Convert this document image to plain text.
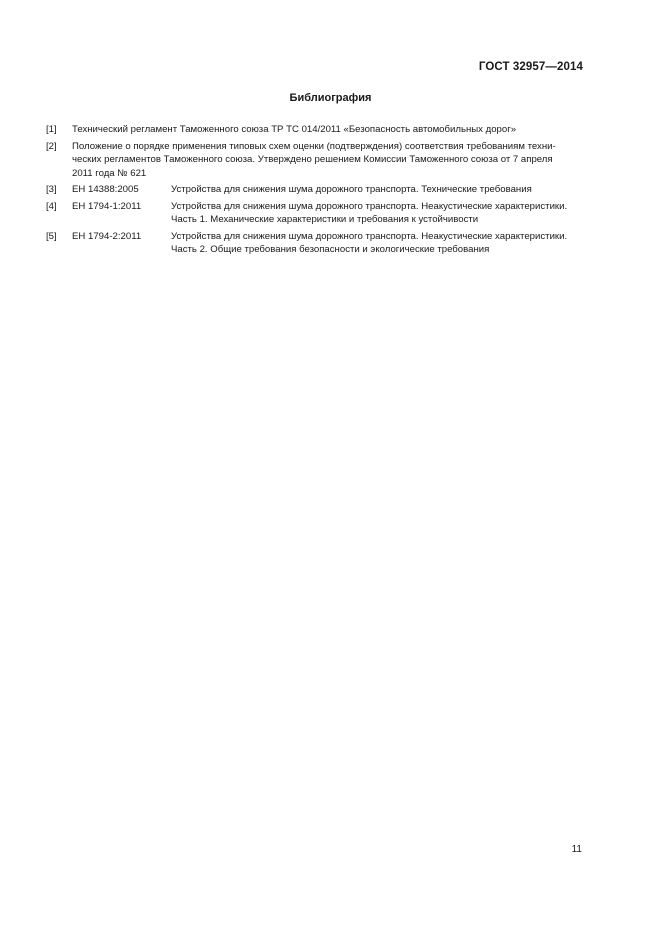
ГОСТ 32957—2014
Библиография
[1] Технический регламент Таможенного союза ТР ТС 014/2011 «Безопасность автомобильных дорог»
[2] Положение о порядке применения типовых схем оценки (подтверждения) соответствия требованиям техни-
ческих регламентов Таможенного союза. Утверждено решением Комиссии Таможенного союза от 7 апреля
2011 года № 621
[3] ЕН 14388:2005	Устройства для снижения шума дорожного транспорта. Технические требования
[4] ЕН 1794-1:2011	Устройства для снижения шума дорожного транспорта. Неакустические характеристики.
Часть 1. Механические характеристики и требования к устойчивости
[5] ЕН 1794-2:2011	Устройства для снижения шума дорожного транспорта. Неакустические характеристики.
Часть 2. Общие требования безопасности и экологические требования
11
